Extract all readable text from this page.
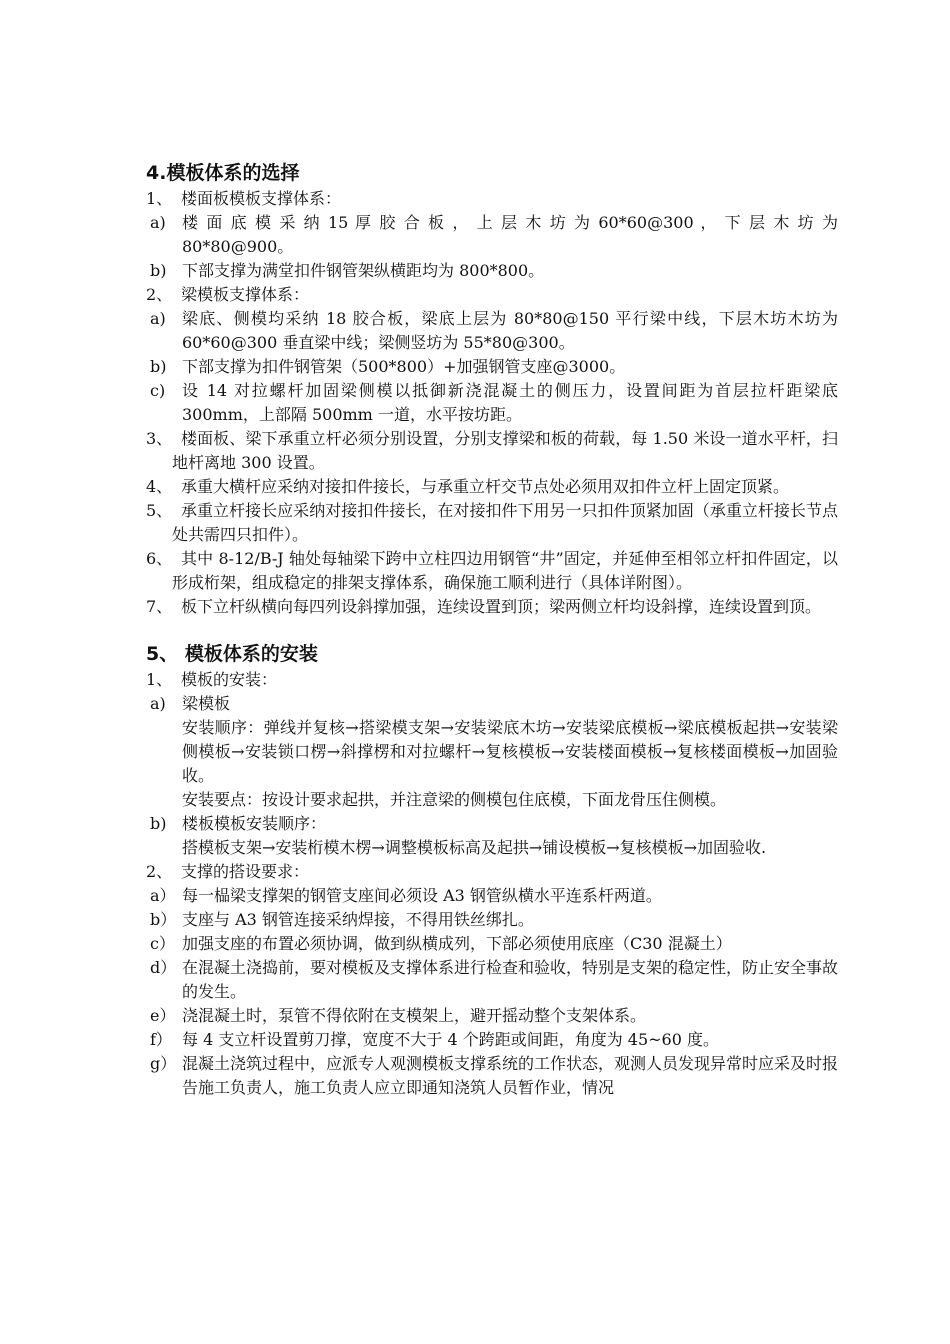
4.模板体系的选择
1、 楼面板模板支撑体系：
a)	楼 面 底 模 采 纳 15 厚 胶 合 板 ， 上 层 木 坊 为 60*60@300 ， 下 层 木 坊 为 80*80@900。
b) 下部支撑为满堂扣件钢管架纵横距均为 800*800。
2、 梁模板支撑体系：
a)	梁底、侧模均采纳 18 胶合板，梁底上层为 80*80@150 平行梁中线，下层木坊木坊为 60*60@300 垂直梁中线；梁侧竖坊为 55*80@300。
b) 下部支撑为扣件钢管架（500*800）+加强钢管支座@3000。
c)	设 14 对拉螺杆加固梁侧模以抵御新浇混凝土的侧压力，设置间距为首层拉杆距梁底 300mm，上部隔 500mm 一道，水平按坊距。
3、 楼面板、梁下承重立杆必须分别设置，分别支撑梁和板的荷载，每 1.50 米设一道水平杆，扫地杆离地 300 设置。
4、 承重大横杆应采纳对接扣件接长，与承重立杆交节点处必须用双扣件立杆上固定顶紧。
5、 承重立杆接长应采纳对接扣件接长，在对接扣件下用另一只扣件顶紧加固（承重立杆接长节点处共需四只扣件）。
6、 其中 8-12/B-J 轴处每轴梁下跨中立柱四边用钢管“井”固定，并延伸至相邻立杆扣件固定，以形成桁架，组成稳定的排架支撑体系，确保施工顺利进行（具体详附图）。
7、 板下立杆纵横向每四列设斜撑加强，连续设置到顶；梁两侧立杆均设斜撑，连续设置到顶。
5、 模板体系的安装
1、 模板的安装：
a)	梁模板
安装顺序：弹线并复核→搭梁模支架→安装梁底木坊→安装梁底模板→梁底模板起拱→安装梁侧模板→安装锁口楞→斜撑楞和对拉螺杆→复核模板→安装楼面模板→复核楼面模板→加固验收。
安装要点：按设计要求起拱，并注意梁的侧模包住底模，下面龙骨压住侧模。
b) 楼板模板安装顺序：
搭模板支架→安装桁模木楞→调整模板标高及起拱→铺设模板→复核模板→加固验收.
2、 支撑的搭设要求：
a） 每一榀梁支撑架的钢管支座间必须设 A3 钢管纵横水平连系杆两道。
b） 支座与 A3 钢管连接采纳焊接，不得用铁丝绑扎。
c） 加强支座的布置必须协调，做到纵横成列，下部必须使用底座（C30 混凝土）
d） 在混凝土浇捣前，要对模板及支撑体系进行检查和验收，特别是支架的稳定性，防止安全事故的发生。
e） 浇混凝土时，泵管不得依附在支模架上，避开摇动整个支架体系。
f） 每 4 支立杆设置剪刀撑，宽度不大于 4 个跨距或间距，角度为 45~60 度。
g） 混凝土浇筑过程中，应派专人观测模板支撑系统的工作状态，观测人员发现异常时应采及时报告施工负责人，施工负责人应立即通知浇筑人员暂作业，情况
